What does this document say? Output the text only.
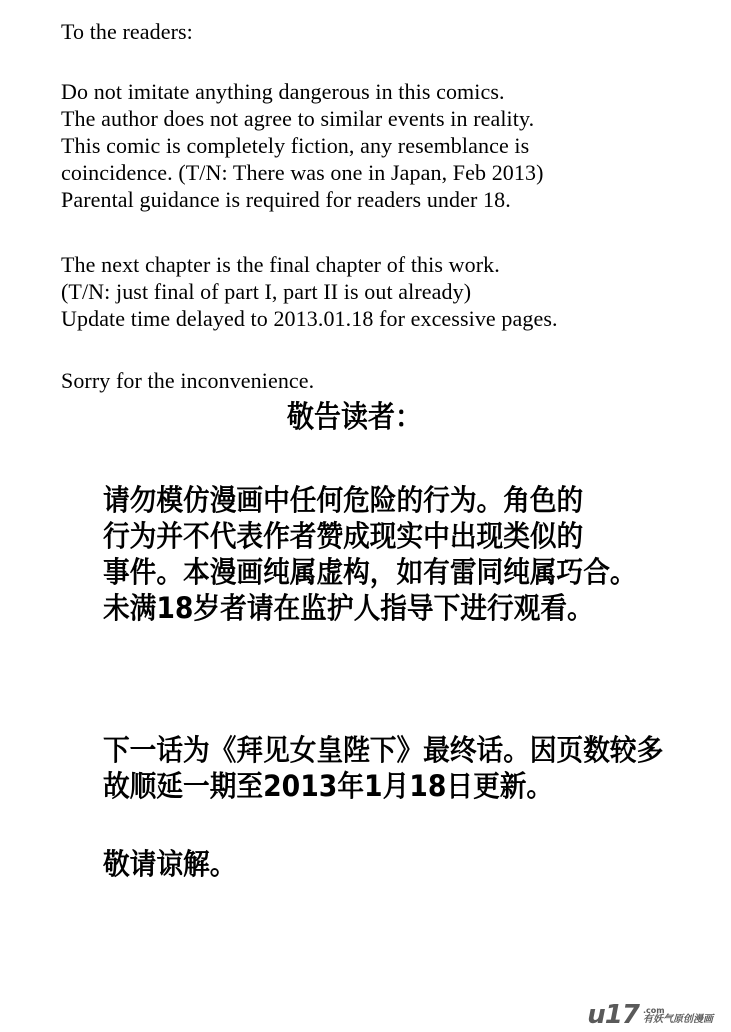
To the readers:
Do not imitate anything dangerous in this comics.
The author does not agree to similar events in reality.
This comic is completely fiction, any resemblance is
coincidence. (T/N: There was one in Japan, Feb 2013)
Parental guidance is required for readers under 18.
The next chapter is the final chapter of this work.
(T/N: just final of part I, part II is out already)
Update time delayed to 2013.01.18 for excessive pages.
Sorry for the inconvenience.
敬告读者：
请勿模仿漫画中任何危险的行为。角色的
行为并不代表作者赞成现实中出现类似的
事件。本漫画纯属虚构，如有雷同纯属巧合。
未满18岁者请在监护人指导下进行观看。
下一话为《拜见女皇陛下》最终话。因页数较多
故顺延一期至2013年1月18日更新。
敬请谅解。
u17 .com
有妖气原创漫画
